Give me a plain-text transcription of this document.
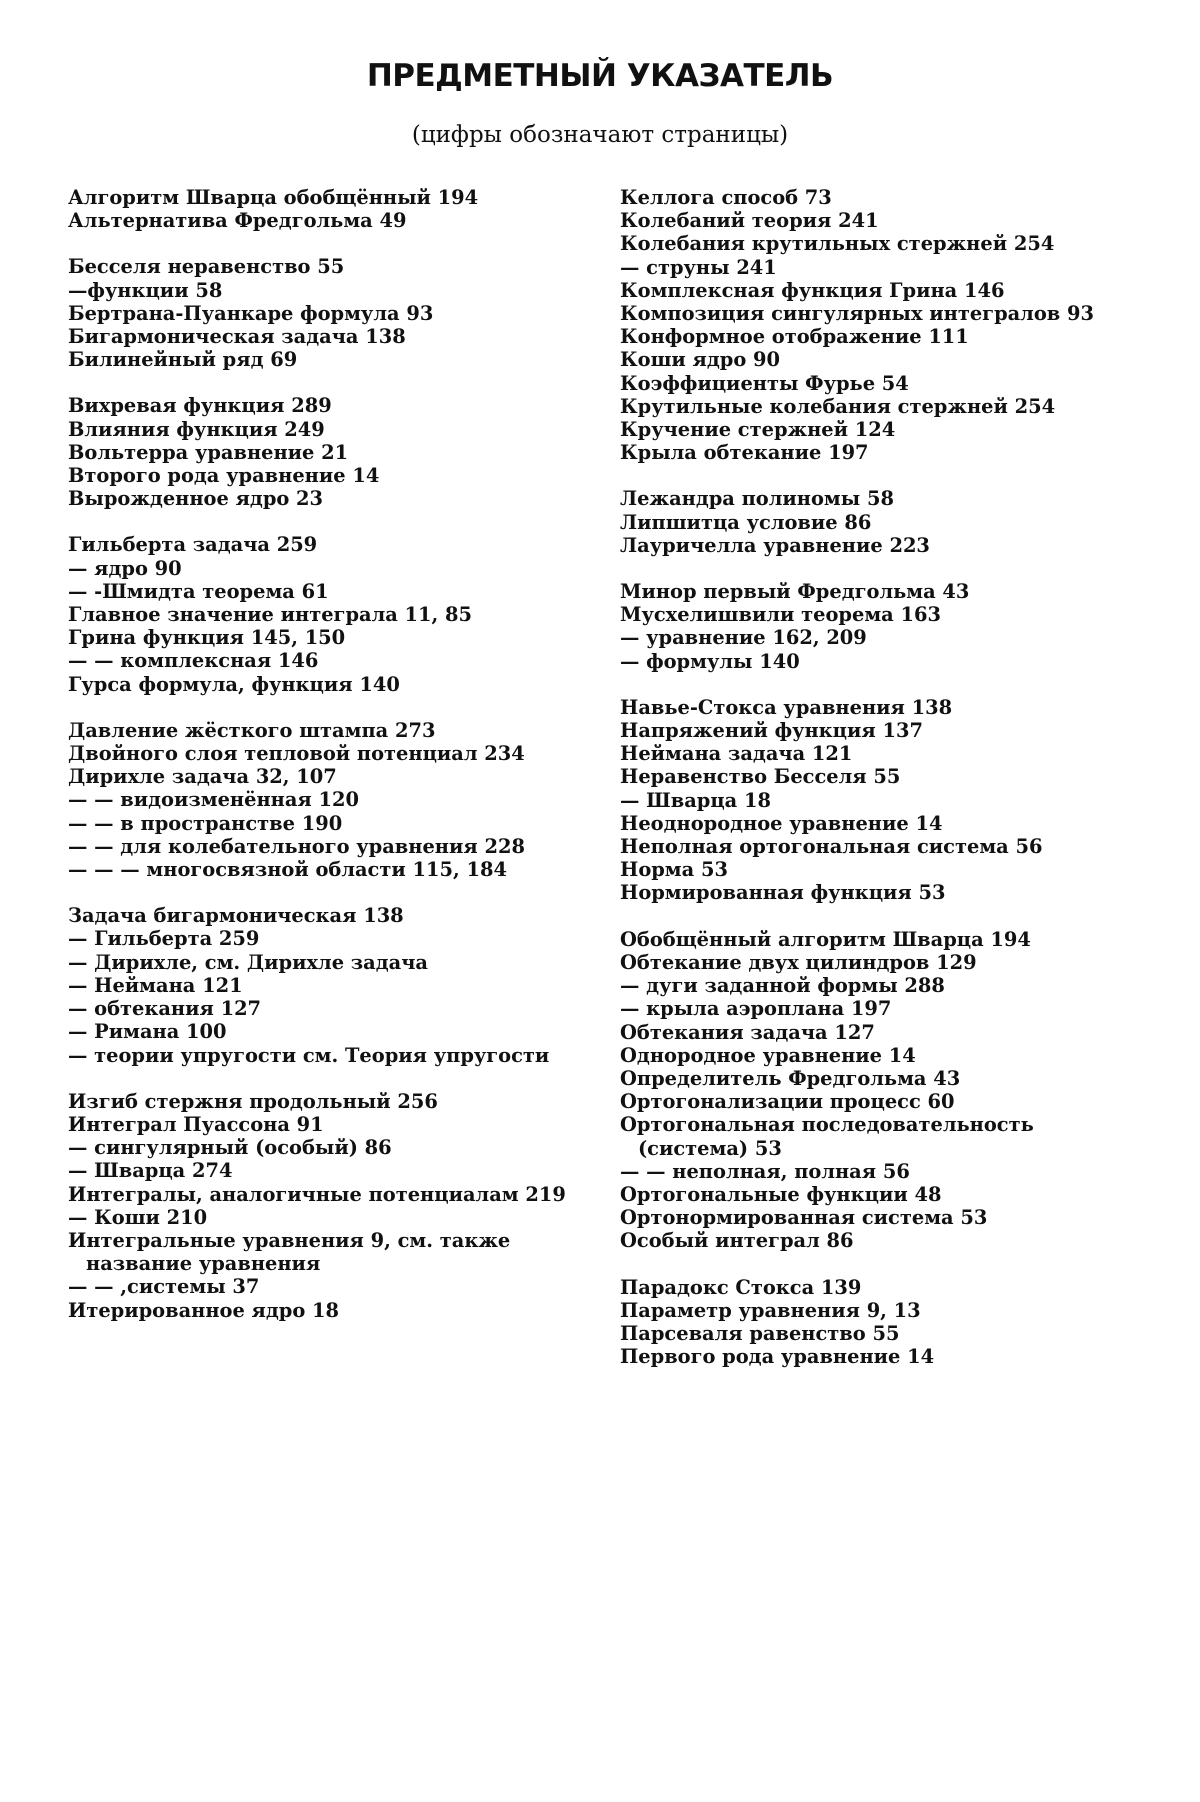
ПРЕДМЕТНЫЙ УКАЗАТЕЛЬ
(цифры обозначают страницы)
Алгоритм Шварца обобщённый 194
Альтернатива Фредгольма 49
Бесселя неравенство 55
—функции 58
Бертрана-Пуанкаре формула 93
Бигармоническая задача 138
Билинейный ряд 69
Вихревая функция 289
Влияния функция 249
Вольтерра уравнение 21
Второго рода уравнение 14
Вырожденное ядро 23
Гильберта задача 259
— ядро 90
— -Шмидта теорема 61
Главное значение интеграла 11, 85
Грина функция 145, 150
— — комплексная 146
Гурса формула, функция 140
Давление жёсткого штампа 273
Двойного слоя тепловой потенциал 234
Дирихле задача 32, 107
— — видоизменённая 120
— — в пространстве 190
— — для колебательного уравнения 228
— — — многосвязной области 115, 184
Задача бигармоническая 138
— Гильберта 259
— Дирихле, см. Дирихле задача
— Неймана 121
— обтекания 127
— Римана 100
— теории упругости см. Теория упругости
Изгиб стержня продольный 256
Интеграл Пуассона 91
— сингулярный (особый) 86
— Шварца 274
Интегралы, аналогичные потенциалам 219
— Коши 210
Интегральные уравнения 9, см. также название уравнения
— — ,системы 37
Итерированное ядро 18
Келлога способ 73
Колебаний теория 241
Колебания крутильных стержней 254
— струны 241
Комплексная функция Грина 146
Композиция сингулярных интегралов 93
Конформное отображение 111
Коши ядро 90
Коэффициенты Фурье 54
Крутильные колебания стержней 254
Кручение стержней 124
Крыла обтекание 197
Лежандра полиномы 58
Липшитца условие 86
Лауричелла уравнение 223
Минор первый Фредгольма 43
Мусхелишвили теорема 163
— уравнение 162, 209
— формулы 140
Навье-Стокса уравнения 138
Напряжений функция 137
Неймана задача 121
Неравенство Бесселя 55
— Шварца 18
Неоднородное уравнение 14
Неполная ортогональная система 56
Норма 53
Нормированная функция 53
Обобщённый алгоритм Шварца 194
Обтекание двух цилиндров 129
— дуги заданной формы 288
— крыла аэроплана 197
Обтекания задача 127
Однородное уравнение 14
Определитель Фредгольма 43
Ортогонализации процесс 60
Ортогональная последовательность (система) 53
— — неполная, полная 56
Ортогональные функции 48
Ортонормированная система 53
Особый интеграл 86
Парадокс Стокса 139
Параметр уравнения 9, 13
Парсеваля равенство 55
Первого рода уравнение 14
